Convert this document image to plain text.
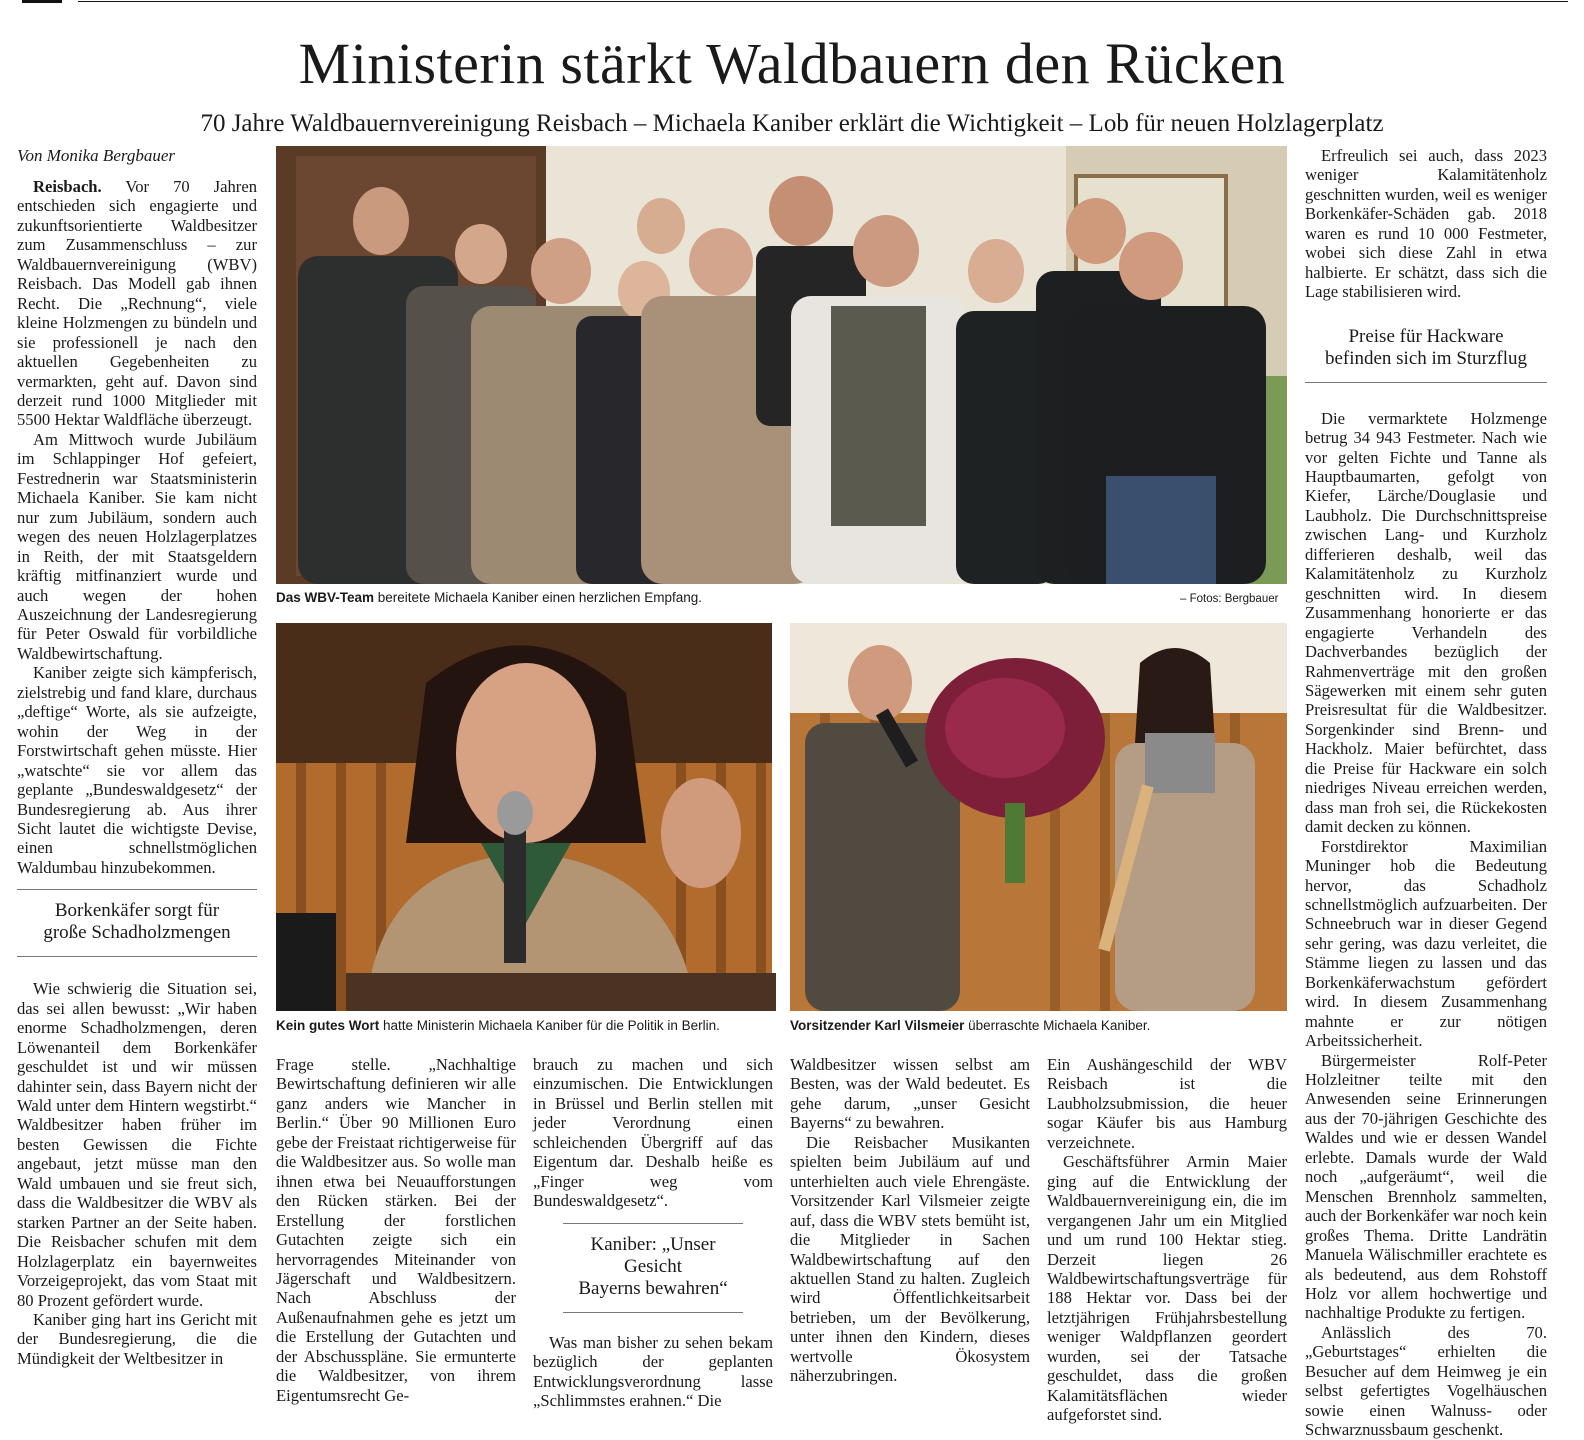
Ministerin stärkt Waldbauern den Rücken
70 Jahre Waldbauernvereinigung Reisbach – Michaela Kaniber erklärt die Wichtigkeit – Lob für neuen Holzlagerplatz
Von Monika Bergbauer

Reisbach. Vor 70 Jahren entschieden sich engagierte und zukunftsorientierte Waldbesitzer zum Zusammenschluss – zur Waldbauernvereinigung (WBV) Reisbach. Das Modell gab ihnen Recht. Die „Rechnung“, viele kleine Holzmengen zu bündeln und sie professionell je nach den aktuellen Gegebenheiten zu vermarkten, geht auf. Davon sind derzeit rund 1000 Mitglieder mit 5500 Hektar Waldfläche überzeugt.

Am Mittwoch wurde Jubiläum im Schlappinger Hof gefeiert, Festrednerin war Staatsministerin Michaela Kaniber. Sie kam nicht nur zum Jubiläum, sondern auch wegen des neuen Holzlagerplatzes in Reith, der mit Staatsgeldern kräftig mitfinanziert wurde und auch wegen der hohen Auszeichnung der Landesregierung für Peter Oswald für vorbildliche Waldbewirtschaftung.

Kaniber zeigte sich kämpferisch, zielstrebig und fand klare, durchaus „deftige“ Worte, als sie aufzeigte, wohin der Weg in der Forstwirtschaft gehen müsste. Hier „watschte“ sie vor allem das geplante „Bundeswaldgesetz“ der Bundesregierung ab. Aus ihrer Sicht lautet die wichtigste Devise, einen schnellstmöglichen Waldumbau hinzubekommen.

Borkenkäfer sorgt für
große Schadholzmengen

Wie schwierig die Situation sei, das sei allen bewusst: „Wir haben enorme Schadholzmengen, deren Löwenanteil dem Borkenkäfer geschuldet ist und wir müssen dahinter sein, dass Bayern nicht der Wald unter dem Hintern wegstirbt.“ Waldbesitzer haben früher im besten Gewissen die Fichte angebaut, jetzt müsse man den Wald umbauen und sie freut sich, dass die Waldbesitzer die WBV als starken Partner an der Seite haben. Die Reisbacher schufen mit dem Holzlagerplatz ein bayernweites Vorzeigeprojekt, das vom Staat mit 80 Prozent gefördert wurde.

Kaniber ging hart ins Gericht mit der Bundesregierung, die die Mündigkeit der Weltbesitzer in

Das WBV-Team bereitete Michaela Kaniber einen herzlichen Empfang.	– Fotos: Bergbauer
Kein gutes Wort hatte Ministerin Michaela Kaniber für die Politik in Berlin.	Vorsitzender Karl Vilsmeier überraschte Michaela Kaniber.

Frage stelle. „Nachhaltige Bewirtschaftung definieren wir alle ganz anders wie Mancher in Berlin.“ Über 90 Millionen Euro gebe der Freistaat richtigerweise für die Waldbesitzer aus. So wolle man ihnen etwa bei Neuaufforstungen den Rücken stärken. Bei der Erstellung der forstlichen Gutachten zeigte sich ein hervorragendes Miteinander von Jägerschaft und Waldbesitzern. Nach Abschluss der Außenaufnahmen gehe es jetzt um die Erstellung der Gutachten und der Abschusspläne. Sie ermunterte die Waldbesitzer, von ihrem Eigentumsrecht Ge-

brauch zu machen und sich einzumischen. Die Entwicklungen in Brüssel und Berlin stellen mit jeder Verordnung einen schleichenden Übergriff auf das Eigentum dar. Deshalb heiße es „Finger weg vom Bundeswaldgesetz“.

Kaniber: „Unser Gesicht
Bayerns bewahren“

Was man bisher zu sehen bekam bezüglich der geplanten Entwicklungsverordnung lasse „Schlimmstes erahnen.“ Die

Waldbesitzer wissen selbst am Besten, was der Wald bedeutet. Es gehe darum, „unser Gesicht Bayerns“ zu bewahren.

Die Reisbacher Musikanten spielten beim Jubiläum auf und unterhielten auch viele Ehrengäste. Vorsitzender Karl Vilsmeier zeigte auf, dass die WBV stets bemüht ist, die Mitglieder in Sachen Waldbewirtschaftung auf den aktuellen Stand zu halten. Zugleich wird Öffentlichkeitsarbeit betrieben, um der Bevölkerung, unter ihnen den Kindern, dieses wertvolle Ökosystem näherzubringen.

Ein Aushängeschild der WBV Reisbach ist die Laubholzsubmission, die heuer sogar Käufer bis aus Hamburg verzeichnete.

Geschäftsführer Armin Maier ging auf die Entwicklung der Waldbauernvereinigung ein, die im vergangenen Jahr um ein Mitglied und um rund 100 Hektar stieg. Derzeit liegen 26 Waldbewirtschaftungsverträge für 188 Hektar vor. Dass bei der letztjährigen Frühjahrsbestellung weniger Waldpflanzen geordert wurden, sei der Tatsache geschuldet, dass die großen Kalamitätsflächen wieder aufgeforstet sind.

Erfreulich sei auch, dass 2023 weniger Kalamitätenholz geschnitten wurden, weil es weniger Borkenkäfer-Schäden gab. 2018 waren es rund 10 000 Festmeter, wobei sich diese Zahl in etwa halbierte. Er schätzt, dass sich die Lage stabilisieren wird.

Preise für Hackware
befinden sich im Sturzflug

Die vermarktete Holzmenge betrug 34 943 Festmeter. Nach wie vor gelten Fichte und Tanne als Hauptbaumarten, gefolgt von Kiefer, Lärche/Douglasie und Laubholz. Die Durchschnittspreise zwischen Lang- und Kurzholz differieren deshalb, weil das Kalamitätenholz zu Kurzholz geschnitten wird. In diesem Zusammenhang honorierte er das engagierte Verhandeln des Dachverbandes bezüglich der Rahmenverträge mit den großen Sägewerken mit einem sehr guten Preisresultat für die Waldbesitzer. Sorgenkinder sind Brenn- und Hackholz. Maier befürchtet, dass die Preise für Hackware ein solch niedriges Niveau erreichen werden, dass man froh sei, die Rückekosten damit decken zu können.

Forstdirektor Maximilian Muninger hob die Bedeutung hervor, das Schadholz schnellstmöglich aufzuarbeiten. Der Schneebruch war in dieser Gegend sehr gering, was dazu verleitet, die Stämme liegen zu lassen und das Borkenkäferwachstum gefördert wird. In diesem Zusammenhang mahnte er zur nötigen Arbeitssicherheit.

Bürgermeister Rolf-Peter Holzleitner teilte mit den Anwesenden seine Erinnerungen aus der 70-jährigen Geschichte des Waldes und wie er dessen Wandel erlebte. Damals wurde der Wald noch „aufgeräumt“, weil die Menschen Brennholz sammelten, auch der Borkenkäfer war noch kein großes Thema. Dritte Landrätin Manuela Wälischmiller erachtete es als bedeutend, aus dem Rohstoff Holz vor allem hochwertige und nachhaltige Produkte zu fertigen.

Anlässlich des 70. „Geburtstages“ erhielten die Besucher auf dem Heimweg je ein selbst gefertigtes Vogelhäuschen sowie einen Walnuss- oder Schwarznussbaum geschenkt.
